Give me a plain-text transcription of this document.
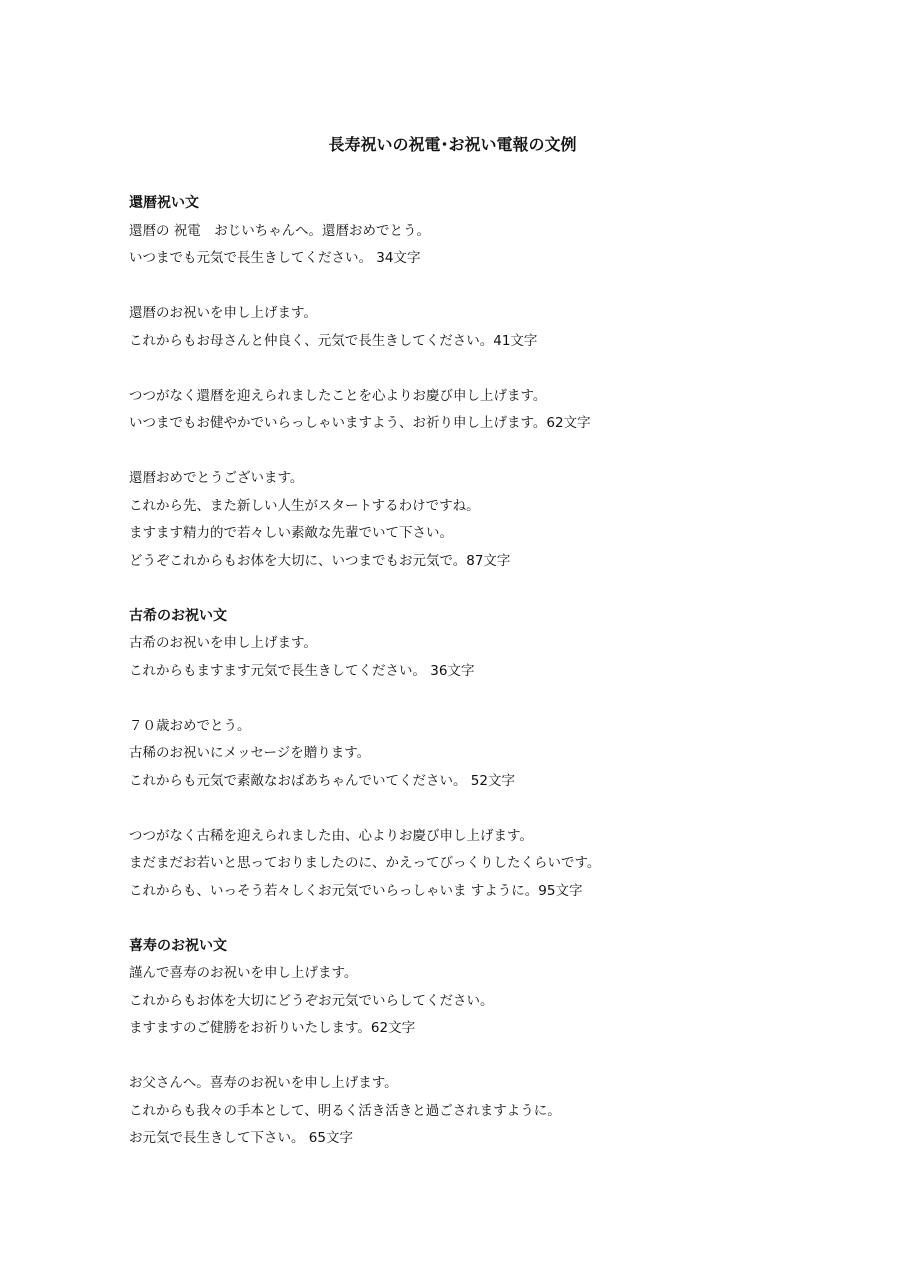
長寿祝いの祝電･お祝い電報の文例
還暦祝い文

還暦の 祝電　おじいちゃんへ。還暦おめでとう。

いつまでも元気で長生きしてください。 34文字

還暦のお祝いを申し上げます。

これからもお母さんと仲良く、元気で長生きしてください。41文字

つつがなく還暦を迎えられましたことを心よりお慶び申し上げます。

いつまでもお健やかでいらっしゃいますよう、お祈り申し上げます。62文字

還暦おめでとうございます。

これから先、また新しい人生がスタートするわけですね。

ますます精力的で若々しい素敵な先輩でいて下さい。

どうぞこれからもお体を大切に、いつまでもお元気で。87文字

古希のお祝い文

古希のお祝いを申し上げます。

これからもますます元気で長生きしてください。 36文字

７０歳おめでとう。

古稀のお祝いにメッセージを贈ります。

これからも元気で素敵なおばあちゃんでいてください。 52文字

つつがなく古稀を迎えられました由、心よりお慶び申し上げます。

まだまだお若いと思っておりましたのに、かえってびっくりしたくらいです。

これからも、いっそう若々しくお元気でいらっしゃいま すように。95文字

喜寿のお祝い文

謹んで喜寿のお祝いを申し上げます。

これからもお体を大切にどうぞお元気でいらしてください。

ますますのご健勝をお祈りいたします。62文字

お父さんへ。喜寿のお祝いを申し上げます。

これからも我々の手本として、明るく活き活きと過ごされますように。

お元気で長生きして下さい。 65文字
